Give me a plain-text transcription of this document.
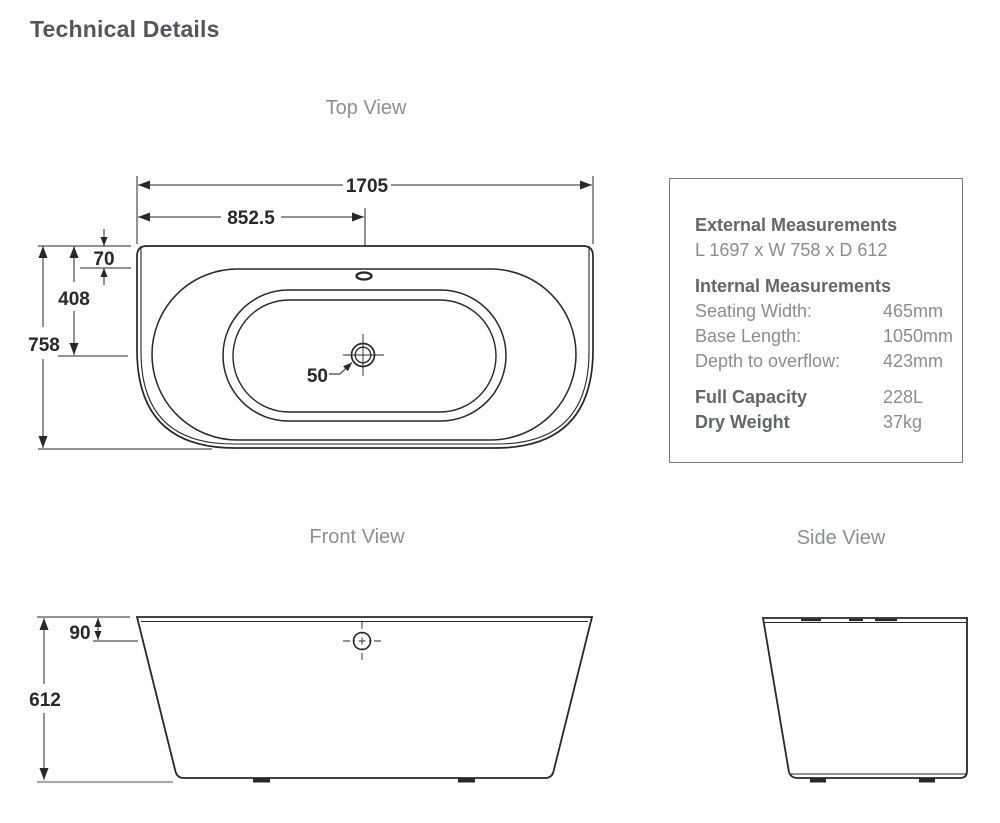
Technical Details
Top View
Front View	Side View
External Measurements

L 1697 x W 758 x D 612

Internal Measurements
Seating Width:	465mm
Base Length:	1050mm
Depth to overflow:	423mm
Full Capacity	228L
Dry Weight	37kg
1705
852.5
70
408
758
50
612
90
